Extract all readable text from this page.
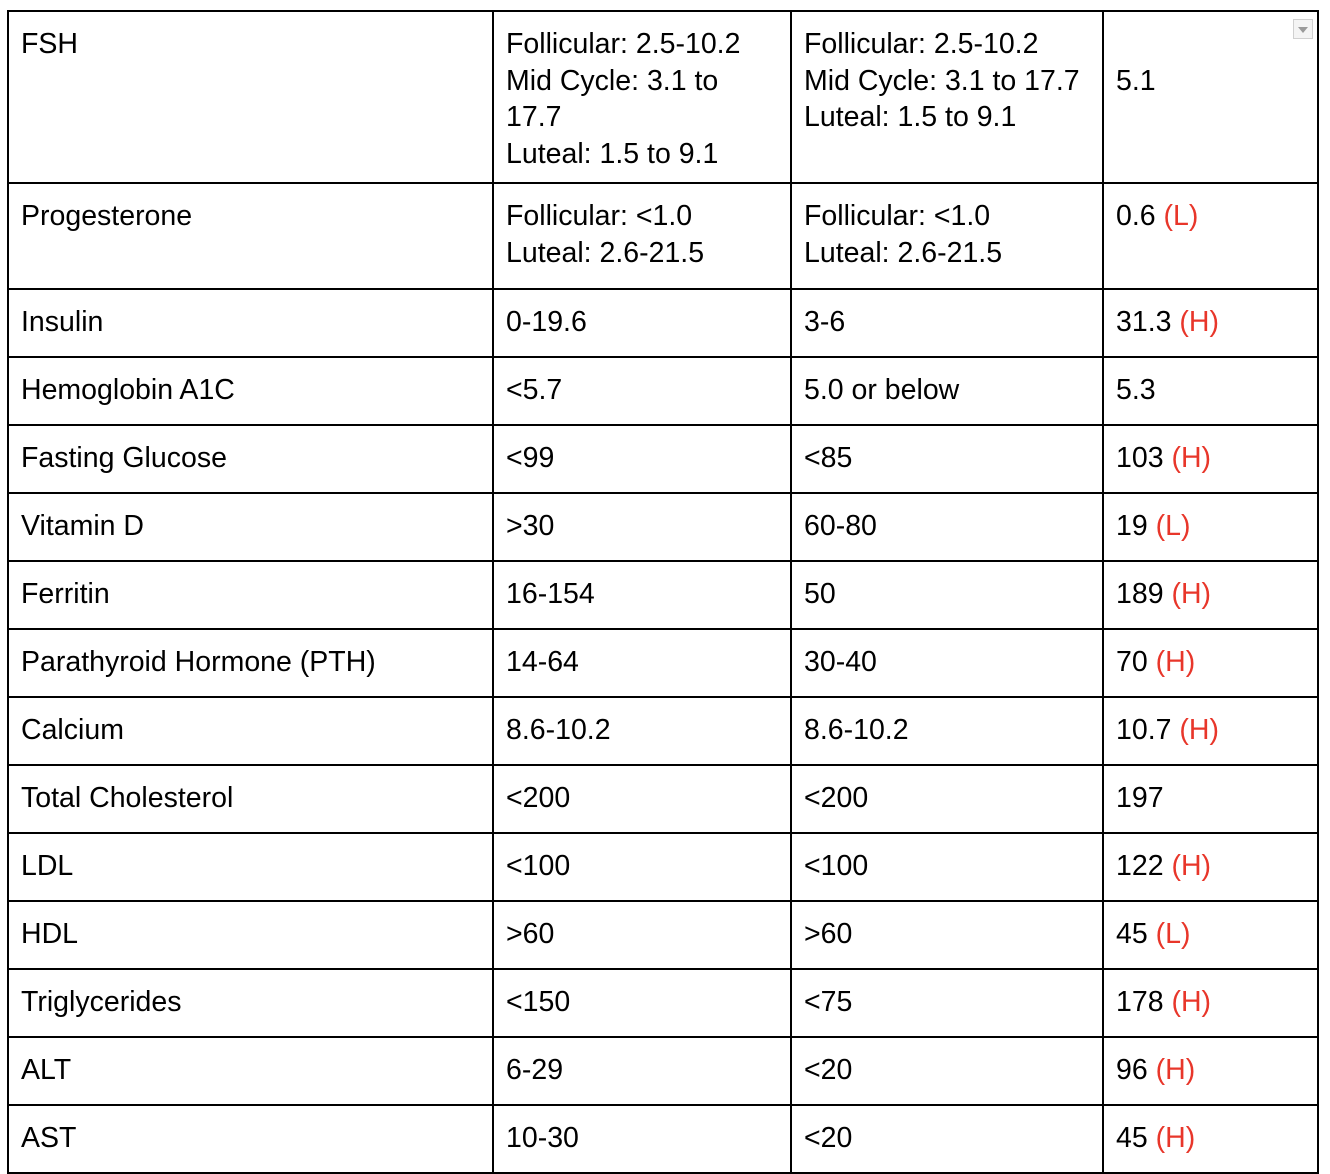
FSH	Follicular: 2.5-10.2
Mid Cycle: 3.1 to 17.7
Luteal: 1.5 to 9.1	Follicular: 2.5-10.2
Mid Cycle: 3.1 to 17.7
Luteal: 1.5 to 9.1	5.1

Progesterone	Follicular: <1.0
Luteal: 2.6-21.5	Follicular: <1.0
Luteal: 2.6-21.5	0.6 (L)
Insulin	0-19.6	3-6	31.3 (H)
Hemoglobin A1C	<5.7	5.0 or below	5.3
Fasting Glucose	<99	<85	103 (H)
Vitamin D	>30	60-80	19 (L)
Ferritin	16-154	50	189 (H)
Parathyroid Hormone (PTH)	14-64	30-40	70 (H)
Calcium	8.6-10.2	8.6-10.2	10.7 (H)
Total Cholesterol	<200	<200	197
LDL	<100	<100	122 (H)
HDL	>60	>60	45 (L)
Triglycerides	<150	<75	178 (H)
ALT	6-29	<20	96 (H)
AST	10-30	<20	45 (H)
